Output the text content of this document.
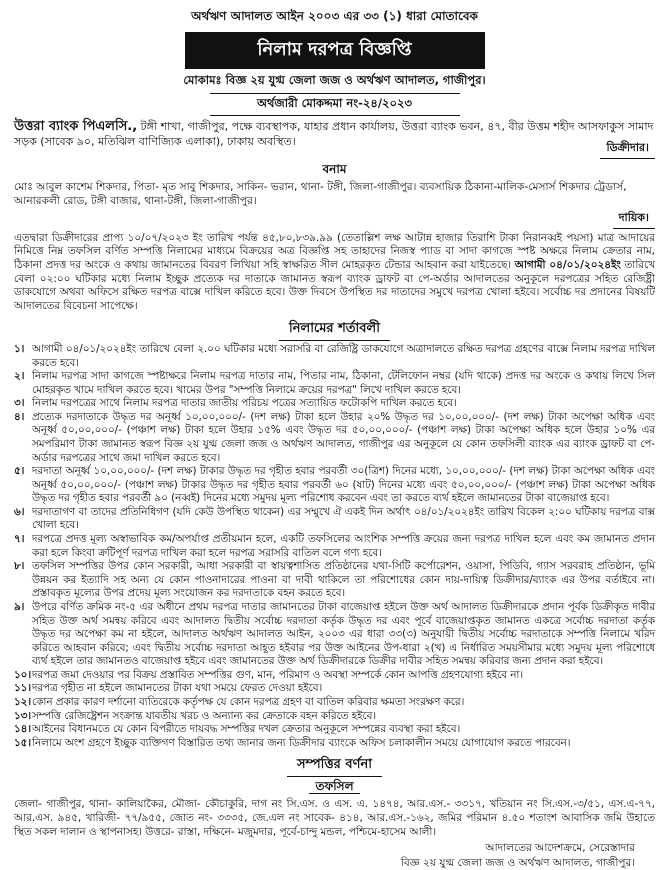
অর্থঋণ আদালত আইন ২০০৩ এর ৩৩ (১) ধারা মোতাবেক
নিলাম দরপত্র বিজ্ঞপ্তি
মোকামঃ বিজ্ঞ ২য় যুগ্ম জেলা জজ ও অর্থঋণ আদালত, গাজীপুর।
অর্থজারী মোকদ্দমা নং-২৪/২০২৩
উত্তরা ব্যাংক পিএলসি., টঙ্গী শাখা, গাজীপুর, পক্ষে ব্যবস্থাপক, যাহার প্রধান কার্যালয়, উত্তরা ব্যাংক ভবন, ৪৭, বীর উত্তম শহীদ আসফাকুস সামাদ সড়ক (সাবেক ৯০, মতিঝিল বাণিজ্যিক এলাকা), ঢাকায় অবস্থিত।	ডিক্রীদার।
বনাম
মোঃ আবুল কাশেম শিকদার, পিতা- মৃত সাবু শিকদার, সাকিন- ভরান, থানা- টঙ্গী, জিলা-গাজীপুর। ব্যবসায়িক ঠিকানা-মালিক-মেসার্স শিকদার ট্রেডার্স, আনারকলী রোড, টঙ্গী বাজার, থানা-টঙ্গী, জিলা-গাজীপুর।
দায়িক।
এতদ্বারা ডিক্রীদারের প্রাপ্য ১০/০৭/২০২৩ ইং তারিখ পর্যন্ত ৪৫,৮০,৮৩৯.৯৯ (তেতাল্লিশ লক্ষ আটান্ন হাজার তিরাশি টাকা নিরানব্বই পয়সা) মাত্র আদায়ের নিমিত্তে নিম্ন তফসিল বর্ণিত সম্পত্তি নিলামের মাধ্যমে বিক্রয়ের অত্র বিজ্ঞপ্তি সহ তাহাদের নিজস্ব প্যাড বা সাদা কাগজে স্পষ্ট অক্ষরে নিলাম ক্রেতার নাম, ঠিকানা প্রদত্ত দর অংকে ও কথায় জামানতের বিবরণ লিখিয়া সহি স্বাক্ষরিত সীল মোহরকৃত টেন্ডার আহবান করা যাইতেছে। আগামী ০৪/০১/২০২৪ইং তারিখে বেলা ০২:০০ ঘটিকার মধ্যে নিলাম ইচ্ছুক প্রত্যেক দর দাতাকে জামানত স্বরূপ ব্যাংক ড্রাফট বা পে-অর্ডার আদালতের অনুকূলে দরপত্রের সহিত রেজিষ্ট্রী ডাকযোগে অথবা অফিসে রক্ষিত দরপত্র বাক্সে দাখিল করিতে হবে। উক্ত দিবসে উপস্থিত দর দাতাদের সমুখে দরপত্র খোলা হইবে। সর্বোচ্চ দর প্রদানের বিষয়টি আদালতের বিবেচনা সাপেক্ষে।
নিলামের শর্তাবলী
১। আগামী ০৪/০১/২০২৪ইং তারিখে বেলা ২.০০ ঘটিকার মধ্যে সরাসরি বা রেজিষ্ট্রি ডাকযোগে অত্রাদালতে রক্ষিত দরপত্র গ্রহণের বাক্সে নিলাম দরপত্র দাখিল করতে হবে।
২। নিলাম দরপত্র সাদা কাগজে স্পষ্টাক্ষরে নিলাম দরপত্র দাতার নাম, পিতার নাম, ঠিকানা, টেলিফোন নম্বর (যদি থাকে) প্রদত্ত দর অংকে ও কথায় লিখে সিল মোহরকৃত খামে দাখিল করতে হবে। খামের উপর "সম্পত্তি নিলামে ক্রয়ের দরপত্র" লিখে দাখিল করতে হবে।
৩। নিলাম দরপত্রের সাথে নিলাম দরপত্র দাতার জাতীয় পরিচয় পত্রের সত্যায়িত ফটোকপি দাখিল করতে হবে।
৪। প্রত্যেক দরদাতাকে উদ্ধৃত দর অনূর্ধ্ব ১০,০০,০০০/- (দশ লক্ষ) টাকা হলে উহার ২০% উদ্ধৃত দর ১০,০০,০০০/- (দশ লক্ষ) টাকা অপেক্ষা অধিক এবং অনূর্ধ্ব ৫০,০০,০০০/- (পঞ্চাশ লক্ষ) টাকা হলে উহার ১৫% এবং উদ্ধৃত দর ৫০,০০,০০০/- (পঞ্চাশ লক্ষ) টাকা অপেক্ষা অধিক হলে উহার ১০% এর সমপরিমাণ টাকা জামানত স্বরূপ বিজ্ঞ ২য় যুগ্ম জেলা জজ ও অর্থঋণ আদালত, গাজীপুর এর অনুকূলে যে কোন তফসিলী ব্যাংক এর ব্যাংক ড্রাফট বা পে-অর্ডার দরপত্রের সাথে জমা দাখিল করতে হবে।
৫। দরদাতা অনূর্ধ্ব ১০,০০,০০০/- (দশ লক্ষ) টাকার উদ্ধৃত দর গৃহীত হবার পরবর্তী ৩০(ত্রিশ) দিনের মধ্যে, ১০,০০,০০০/- (দশ লক্ষ) টাকা অপেক্ষা অধিক এবং অনূর্ধ্ব ৫০,০০,০০০/- (পঞ্চাশ লক্ষ) টাকার উদ্ধৃত দর গৃহীত হবার পরবর্তী ৬০ (ষাট) দিনের মধ্যে এবং ৫০,০০,০০০/- (পঞ্চাশ লক্ষ) টাকা অপেক্ষা অধিক উদ্ধৃত দর গৃহীত হবার পরবর্তী ৯০ (নব্বই) দিনের মধ্যে সমুদয় মূল্য পরিশোধ করবেন এবং তা করতে ব্যর্থ হইলে জামানতের টাকা বাজেয়াপ্ত হবে।
৬। দরদাতাগণ বা তাদের প্রতিনিধিগণ (যদি কেউ উপস্থিত থাকেন) এর সম্মুখে ঐ একই দিন অর্থাৎ ০৪/০১/২০২৪ইং তারিখ বিকেল ২:০০ ঘটিকায় দরপত্র বাক্স খোলা হবে।
৭। দরপত্রে প্রদত্ত মূল্য অস্বাভাবিক কম/অপর্যাপ্ত প্রতীয়মান হলে, একটি তফসিলের আংশিক সম্পত্তি ক্রয়ের জন্য দরপত্র দাখিল হলে এবং কম জামানত প্রদান করা হলে কিংবা ক্রটিপূর্ণ দরপত্র দাখিল করা হলে দরপত্র সরাসরি বাতিল বলে গণ্য হবে।
৮। তফসিল সম্পত্তির উপর কোন সরকারী, আধা সরকারী বা স্বায়ত্বশাসিত প্রতিষ্ঠানের যথা-সিটি কর্পোরেশন, ওয়াসা, পিডিবি, গ্যাস সরবরাহ প্রতিষ্ঠান, ভূমি উন্নয়ন কর ইত্যাদি সহ অন্য যে কোন পাওনাদারের পাওনা বা দাবী থাকিলে তা পরিশোধের কোন দায়-দায়িত্ব ডিক্রীদার/ব্যাংক এর উপর বর্তাইবে না। প্রস্তাবকৃত মূল্যের উপর প্রদেয় মূল্য সংযোজন কর দরদাতাকে বহন করতে হবে।
৯। উপরে বর্ণিত ক্রমিক নং-৫ এর অধীনে প্রথম দরপত্র দাতার জামানতের টাকা বাজেয়াপ্ত হইলে উক্ত অর্থ আদালত ডিক্রীদারকে প্রদান পূর্বক ডিক্রীকৃত দাবীর সহিত উক্ত অর্থ সমন্বয় করিবে এবং আদালত দ্বিতীয় সর্বোচ্চ দরদাতা কর্তৃক উদ্ধৃত দর এবং পূর্বে বাজেয়াপ্তকৃত জামানত একত্রে সর্বোচ্চ দরদাতা কর্তৃক উদ্ধৃত দর অপেক্ষা কম না হইলে, আদালত অর্থঋণ আদালত আইন, ২০০৩ এর ধারা ৩৩(৩) অনুযায়ী দ্বিতীয় সর্বোচ্চ দরদাতাকে সম্পত্তি নিলামে খরিদ করিতে আহবান করিবে; এবং দ্বিতীয় সর্বোচ্চ দরদাতা আহূত হইবার পর উক্ত আইনের উপ-ধারা ২(খ) এ নির্ধারিত সময়সীমার মধ্যে সমুদয় মূল্য পরিশোধে ব্যর্থ হইলে তার জামানতও বাজেয়াপ্ত হইবে এবং জামানতের উক্ত অর্থ ডিক্রীদারকে ডিক্রীর দাবীর সহিত সমন্বয় করিবার জন্য প্রদান করা হইবে।
১০। দরপত্র জমা দেওয়ার পর বিক্রয় প্রস্তাবিত সম্পত্তির গুণ, মান, পরিমাণ ও অবস্থা সম্পর্কে কোন আপত্তি গ্রহণযোগ্য হইবে না।
১১। দরপত্র গৃহীত না হইলে জামানতের টাকা যথা সময়ে ফেরত দেওয়া হইবে।
১২। কোন প্রকার কারণ দর্শানো ব্যতিরেকে কর্তৃপক্ষ যে কোন দরপত্র গ্রহণ বা বাতিল করিবার ক্ষমতা সংরক্ষণ করে।
১৩। সম্পত্তি রেজিষ্ট্রেশন সংক্রান্ত যাবতীয় খরচ ও অন্যান্য কর ক্রেতাকে বহন করিতে হইবে।
১৪। আইনের বিধানমতে যে কোন বিপরীতে দায়বদ্ধ সম্পত্তির দখল ক্রেতার অনুকূলে সম্পন্নের ব্যবস্থা করা হইবে।
১৫। নিলামে অংশ গ্রহণে ইচ্ছুক ব্যক্তিগণ বিস্তারিত তথ্য জানার জন্য ডিক্রীদার ব্যাংকে অফিস চলাকালীন সময়ে যোগাযোগ করতে পারবেন।
সম্পত্তির বর্ণনা
তফসিল
জেলা- গাজীপুর, থানা- কালিয়াকৈর, মৌজা- কৌচাকুরি, দাগ নং সি.এস. ও এস. এ. ১৪৭৪, আর.এস.- ৩৩১৭, খতিয়ান নং সি.এস.-৩/৫১, এস.এ-৭৭, আর.এস. ৯৪৫, খারিজী- ৭৭/৯৫৫, জোত নং- ৩৩৩৫, জে.এল নং সাবেক- ৪১৪, আর.এস.-১৬২, জমির পরিমান ৪.৫০ শতাংশ আবাসিক জমি উহাতে স্থিত সকল দালান ও স্থাপনাসহ। উত্তরে- রাস্তা, দক্ষিনে- মজুমদার, পূর্বে-চান্দু মন্ডল, পশ্চিমে-হাসেম আলী।
আদালতের আদেশক্রমে, সেরেস্তাদার
বিজ্ঞ ২য় যুগ্ম জেলা জজ ও অর্থঋণ আদালত, গাজীপুর।
